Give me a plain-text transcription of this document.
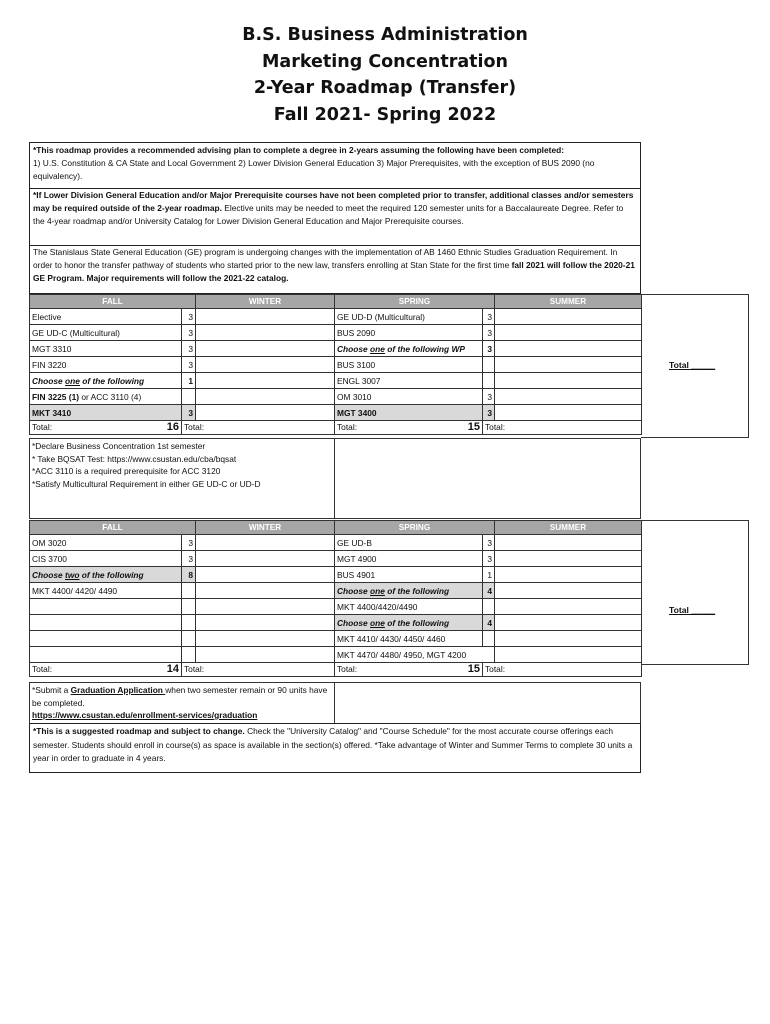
B.S. Business Administration
Marketing Concentration
2-Year Roadmap (Transfer)
Fall 2021- Spring 2022
*This roadmap provides a recommended advising plan to complete a degree in 2-years assuming the following have been completed:
1) U.S. Constitution & CA State and Local Government 2) Lower Division General Education 3) Major Prerequisites, with the exception of BUS 2090 (no equivalency).
*If Lower Division General Education and/or Major Prerequisite courses have not been completed prior to transfer, additional classes and/or semesters may be required outside of the 2-year roadmap. Elective units may be needed to meet the required 120 semester units for a Baccalaureate Degree. Refer to the 4-year roadmap and/or University Catalog for Lower Division General Education and Major Prerequisite courses.
The Stanislaus State General Education (GE) program is undergoing changes with the implementation of AB 1460 Ethnic Studies Graduation Requirement. In order to honor the transfer pathway of students who started prior to the new law, transfers enrolling at Stan State for the first time fall 2021 will follow the 2020-21 GE Program. Major requirements will follow the 2021-22 catalog.
FALL		WINTER	SPRING		SUMMER
Elective	3		GE UD-D (Multicultural)	3	
GE UD-C (Multicultural)	3		BUS 2090	3	
MGT 3310	3		Choose one of the following WP	3	
FIN 3220	3		BUS 3100		
Choose one of the following	1		ENGL 3007		
FIN 3225 (1) or ACC 3110 (4)			OM 3010	3	
MKT 3410	3		MGT 3400	3	
Total: 16	Total:		Total: 15	Total:	
Total _____
*Declare Business Concentration 1st semester
* Take BQSAT Test: https://www.csustan.edu/cba/bqsat
*ACC 3110 is a required prerequisite for ACC 3120
*Satisfy Multicultural Requirement in either GE UD-C or UD-D
FALL		WINTER	SPRING		SUMMER
OM 3020	3		GE UD-B	3	
CIS 3700	3		MGT 4900	3	
Choose two of the following	8		BUS 4901	1	
MKT 4400/ 4420/ 4490			Choose one of the following	4	
			MKT 4400/4420/4490		
			Choose one of the following	4	
			MKT 4410/ 4430/ 4450/ 4460		
			MKT 4470/ 4480/ 4950, MGT 4200		
Total: 14	Total:		Total: 15	Total:	
Total _____
*Submit a Graduation Application when two semester remain or 90 units have be completed.
https://www.csustan.edu/enrollment-services/graduation
*This is a suggested roadmap and subject to change. Check the "University Catalog" and "Course Schedule" for the most accurate course offerings each semester. Students should enroll in course(s) as space is available in the section(s) offered. *Take advantage of Winter and Summer Terms to complete 30 units a year in order to graduate in 4 years.
